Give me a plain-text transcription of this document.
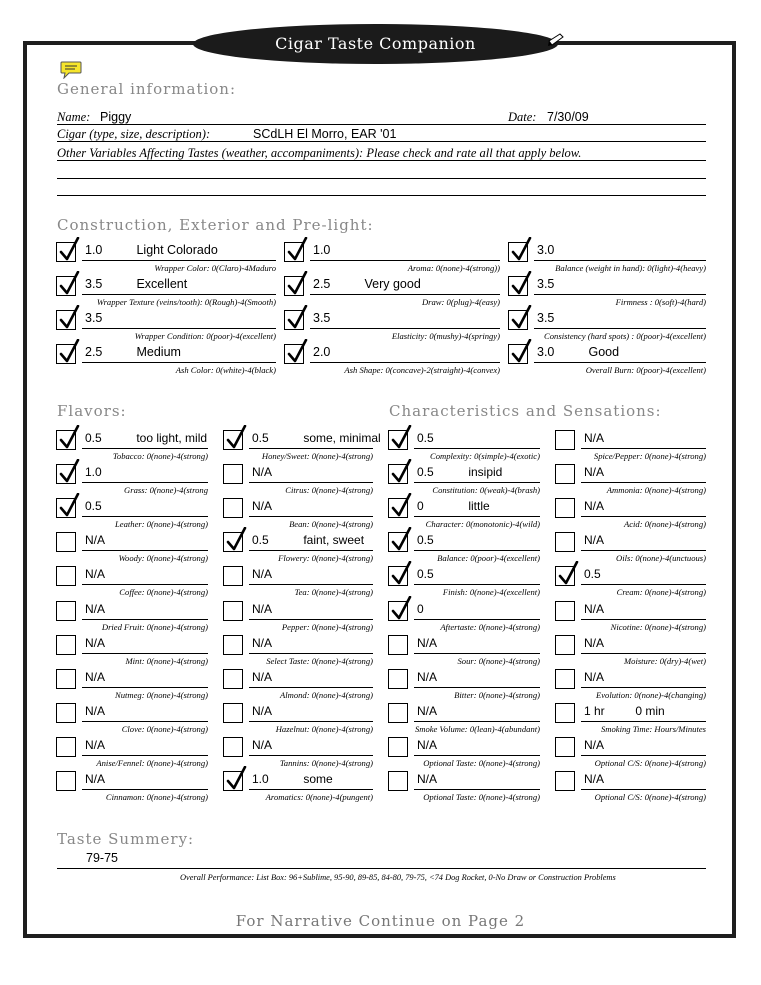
Cigar Taste Companion
General information:
Name: Piggy	Date: 7/30/09
Cigar (type, size, description):	SCdLH El Morro, EAR '01
Other Variables Affecting Tastes (weather, accompaniments): Please check and rate all that apply below.
Construction, Exterior and Pre-light:
Flavors:	Characteristics and Sensations:
1.0 Light Colorado
Wrapper Color: 0(Claro)-4Maduro
1.0
Aroma: 0(none)-4(strong))
3.0
Balance (weight in hand): 0(light)-4(heavy)
3.5 Excellent
Wrapper Texture (veins/tooth): 0(Rough)-4(Smooth)
2.5 Very good
Draw: 0(plug)-4(easy)
3.5
Firmness : 0(soft)-4(hard)
3.5
Wrapper Condition: 0(poor)-4(excellent)
3.5
Elasticity: 0(mushy)-4(springy)
3.5
Consistency (hard spots) : 0(poor)-4(excellent)
2.5 Medium
Ash Color: 0(white)-4(black)
2.0
Ash Shape: 0(concave)-2(straight)-4(convex)
3.0 Good
Overall Burn: 0(poor)-4(excellent)
0.5	too light, mild
Tobacco: 0(none)-4(strong)
1.0
Grass: 0(none)-4(strong
0.5
Leather: 0(none)-4(strong)
N/A
Woody: 0(none)-4(strong)
N/A
Coffee: 0(none)-4(strong)
N/A
Dried Fruit: 0(none)-4(strong)
N/A
Mint: 0(none)-4(strong)
N/A
Nutmeg: 0(none)-4(strong)
N/A
Clove: 0(none)-4(strong)
N/A
Anise/Fennel: 0(none)-4(strong)
N/A
Cinnamon: 0(none)-4(strong)
0.5	some, minimal
Honey/Sweet: 0(none)-4(strong)
N/A
Citrus: 0(none)-4(strong)
N/A
Bean: 0(none)-4(strong)
0.5	faint, sweet
Flowery: 0(none)-4(strong)
N/A
Tea: 0(none)-4(strong)
N/A
Pepper: 0(none)-4(strong)
N/A
Select Taste: 0(none)-4(strong)
N/A
Almond: 0(none)-4(strong)
N/A
Hazelnut: 0(none)-4(strong)
N/A
Tannins: 0(none)-4(strong)
1.0	some
Aromatics: 0(none)-4(pungent)
0.5
Complexity: 0(simple)-4(exotic)
0.5	insipid
Constitution: 0(weak)-4(brash)
0	little
Character: 0(monotonic)-4(wild)
0.5
Balance: 0(poor)-4(excellent)
0.5
Finish: 0(none)-4(excellent)
0
Aftertaste: 0(none)-4(strong)
N/A
Sour: 0(none)-4(strong)
N/A
Bitter: 0(none)-4(strong)
N/A
Smoke Volume: 0(lean)-4(abundant)
N/A
Optional Taste: 0(none)-4(strong)
N/A
Optional Taste: 0(none)-4(strong)
N/A
Spice/Pepper: 0(none)-4(strong)
N/A
Ammonia: 0(none)-4(strong)
N/A
Acid: 0(none)-4(strong)
N/A
Oils: 0(none)-4(unctuous)
0.5
Cream: 0(none)-4(strong)
N/A
Nicotine: 0(none)-4(strong)
N/A
Moisture: 0(dry)-4(wet)
N/A
Evolution: 0(none)-4(changing)
1 hr 0 min
Smoking Time: Hours/Minutes
N/A
Optional C/S: 0(none)-4(strong)
N/A
Optional C/S: 0(none)-4(strong)
Taste Summery:
79-75
Overall Performance: List Box: 96+Sublime, 95-90, 89-85, 84-80, 79-75, <74 Dog Rocket, 0-No Draw or Construction Problems
For Narrative Continue on Page 2
